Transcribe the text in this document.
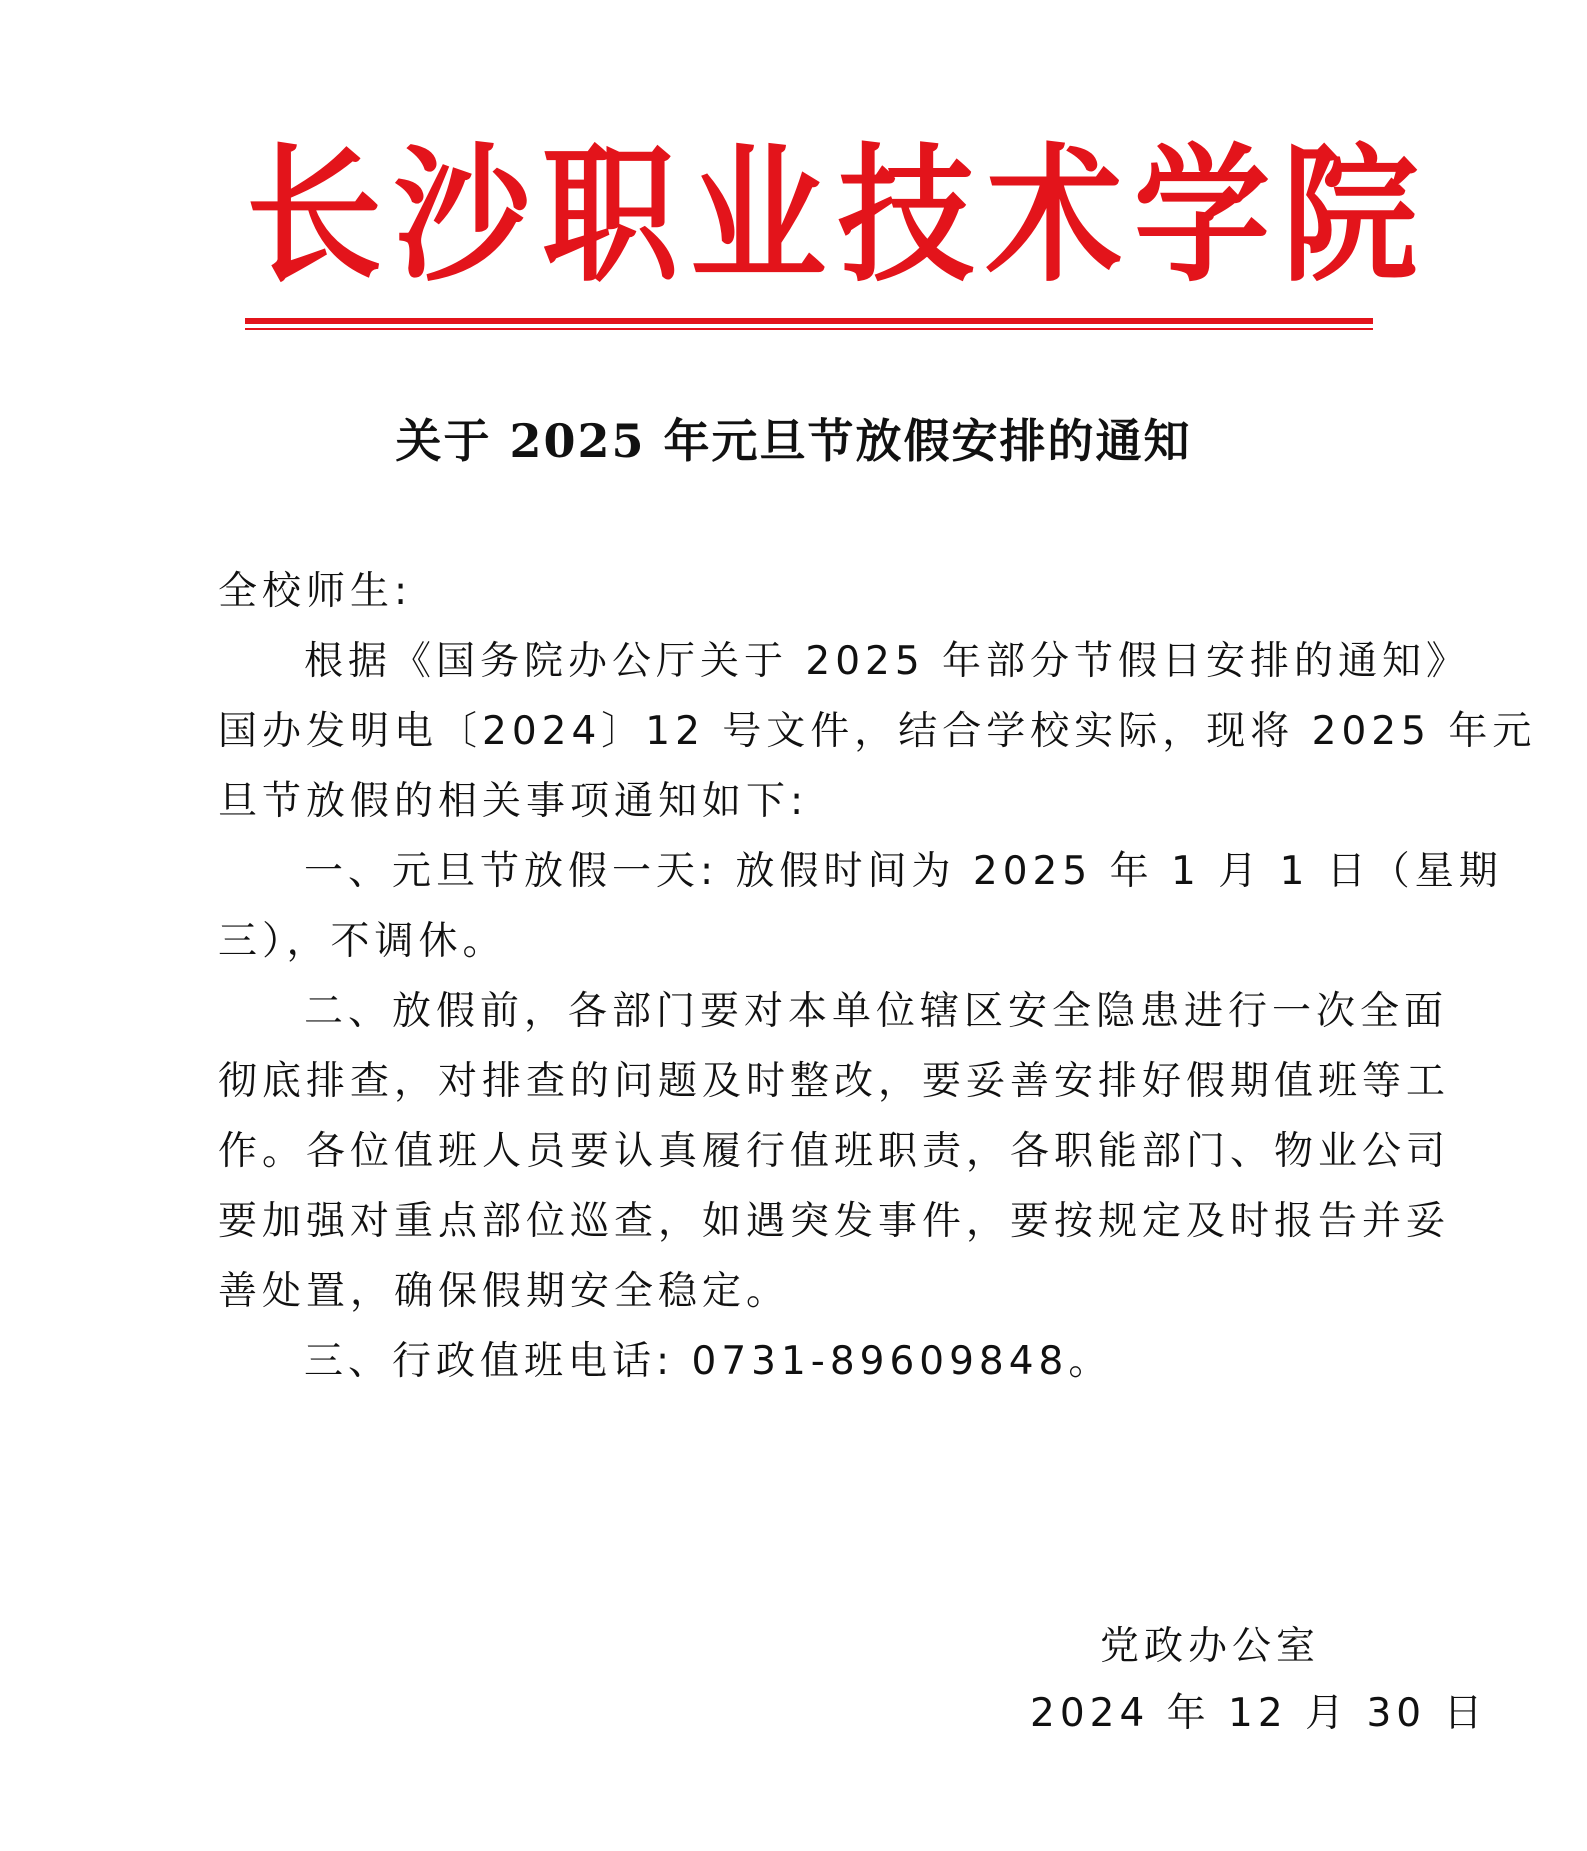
长 沙 职 业 技 术 学 院
关于 2025 年元旦节放假安排的通知
全校师生:
根据《国务院办公厅关于 2025 年部分节假日安排的通知》
国办发明电〔2024〕12 号文件，结合学校实际，现将 2025 年元
旦节放假的相关事项通知如下:
一、元旦节放假一天: 放假时间为 2025 年 1 月 1 日（星期
三），不调休。
二、放假前，各部门要对本单位辖区安全隐患进行一次全面
彻底排查，对排查的问题及时整改，要妥善安排好假期值班等工
作。各位值班人员要认真履行值班职责，各职能部门、物业公司
要加强对重点部位巡查，如遇突发事件，要按规定及时报告并妥
善处置，确保假期安全稳定。
三、行政值班电话: 0731-89609848。
党政办公室
2024 年 12 月 30 日
